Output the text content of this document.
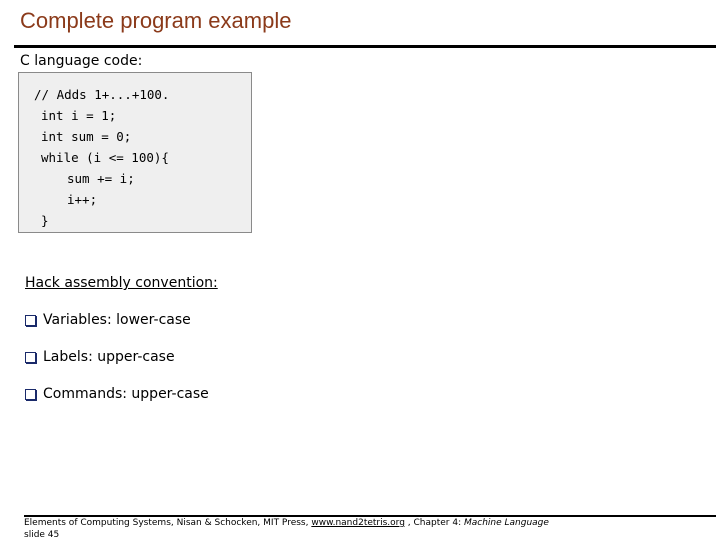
Complete program example
C language code:
// Adds 1+...+100.
int i = 1;
int sum = 0;
while (i <= 100){
sum += i;
i++;
}
Hack assembly convention:
Variables: lower-case
Labels: upper-case
Commands: upper-case
Elements of Computing Systems, Nisan & Schocken, MIT Press, www.nand2tetris.org , Chapter 4: Machine Language
slide 45
